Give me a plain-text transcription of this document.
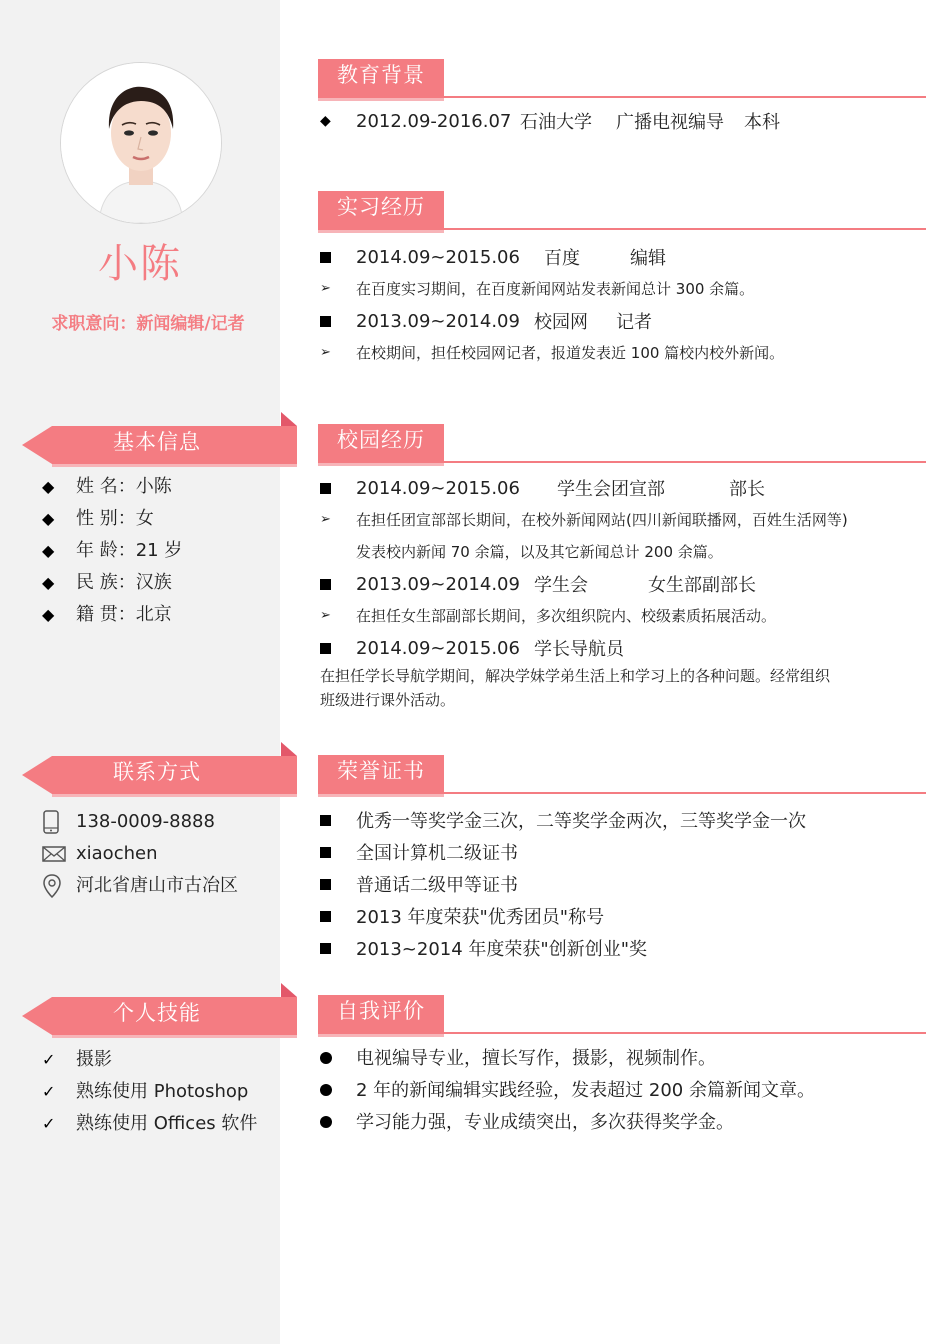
小陈
求职意向：新闻编辑/记者
基本信息
◆	姓 名：小陈
◆	性 别：女
◆	年 龄：21 岁
◆	民 族：汉族
◆	籍 贯：北京
联系方式
138-0009-8888
xiaochen
河北省唐山市古冶区
个人技能
✓	摄影
✓	熟练使用 Photoshop
✓	熟练使用 Offices 软件
教育背景
◆	2012.09-2016.07 石油大学	广播电视编导	本科
实习经历
2014.09~2015.06	百度	编辑
➢	在百度实习期间，在百度新闻网站发表新闻总计 300 余篇。
2013.09~2014.09 校园网	记者
➢	在校期间，担任校园网记者，报道发表近 100 篇校内校外新闻。
校园经历
2014.09~2015.06	学生会团宣部	部长
➢	在担任团宣部部长期间，在校外新闻网站(四川新闻联播网，百姓生活网等)
发表校内新闻 70 余篇，以及其它新闻总计 200 余篇。
2013.09~2014.09 学生会	女生部副部长
➢	在担任女生部副部长期间，多次组织院内、校级素质拓展活动。
2014.09~2015.06 学长导航员
在担任学长导航学期间，解决学妹学弟生活上和学习上的各种问题。经常组织
班级进行课外活动。
荣誉证书
优秀一等奖学金三次，二等奖学金两次，三等奖学金一次
全国计算机二级证书
普通话二级甲等证书
2013 年度荣获"优秀团员"称号
2013~2014 年度荣获"创新创业"奖
自我评价
电视编导专业，擅长写作，摄影，视频制作。
2 年的新闻编辑实践经验，发表超过 200 余篇新闻文章。
学习能力强，专业成绩突出，多次获得奖学金。
